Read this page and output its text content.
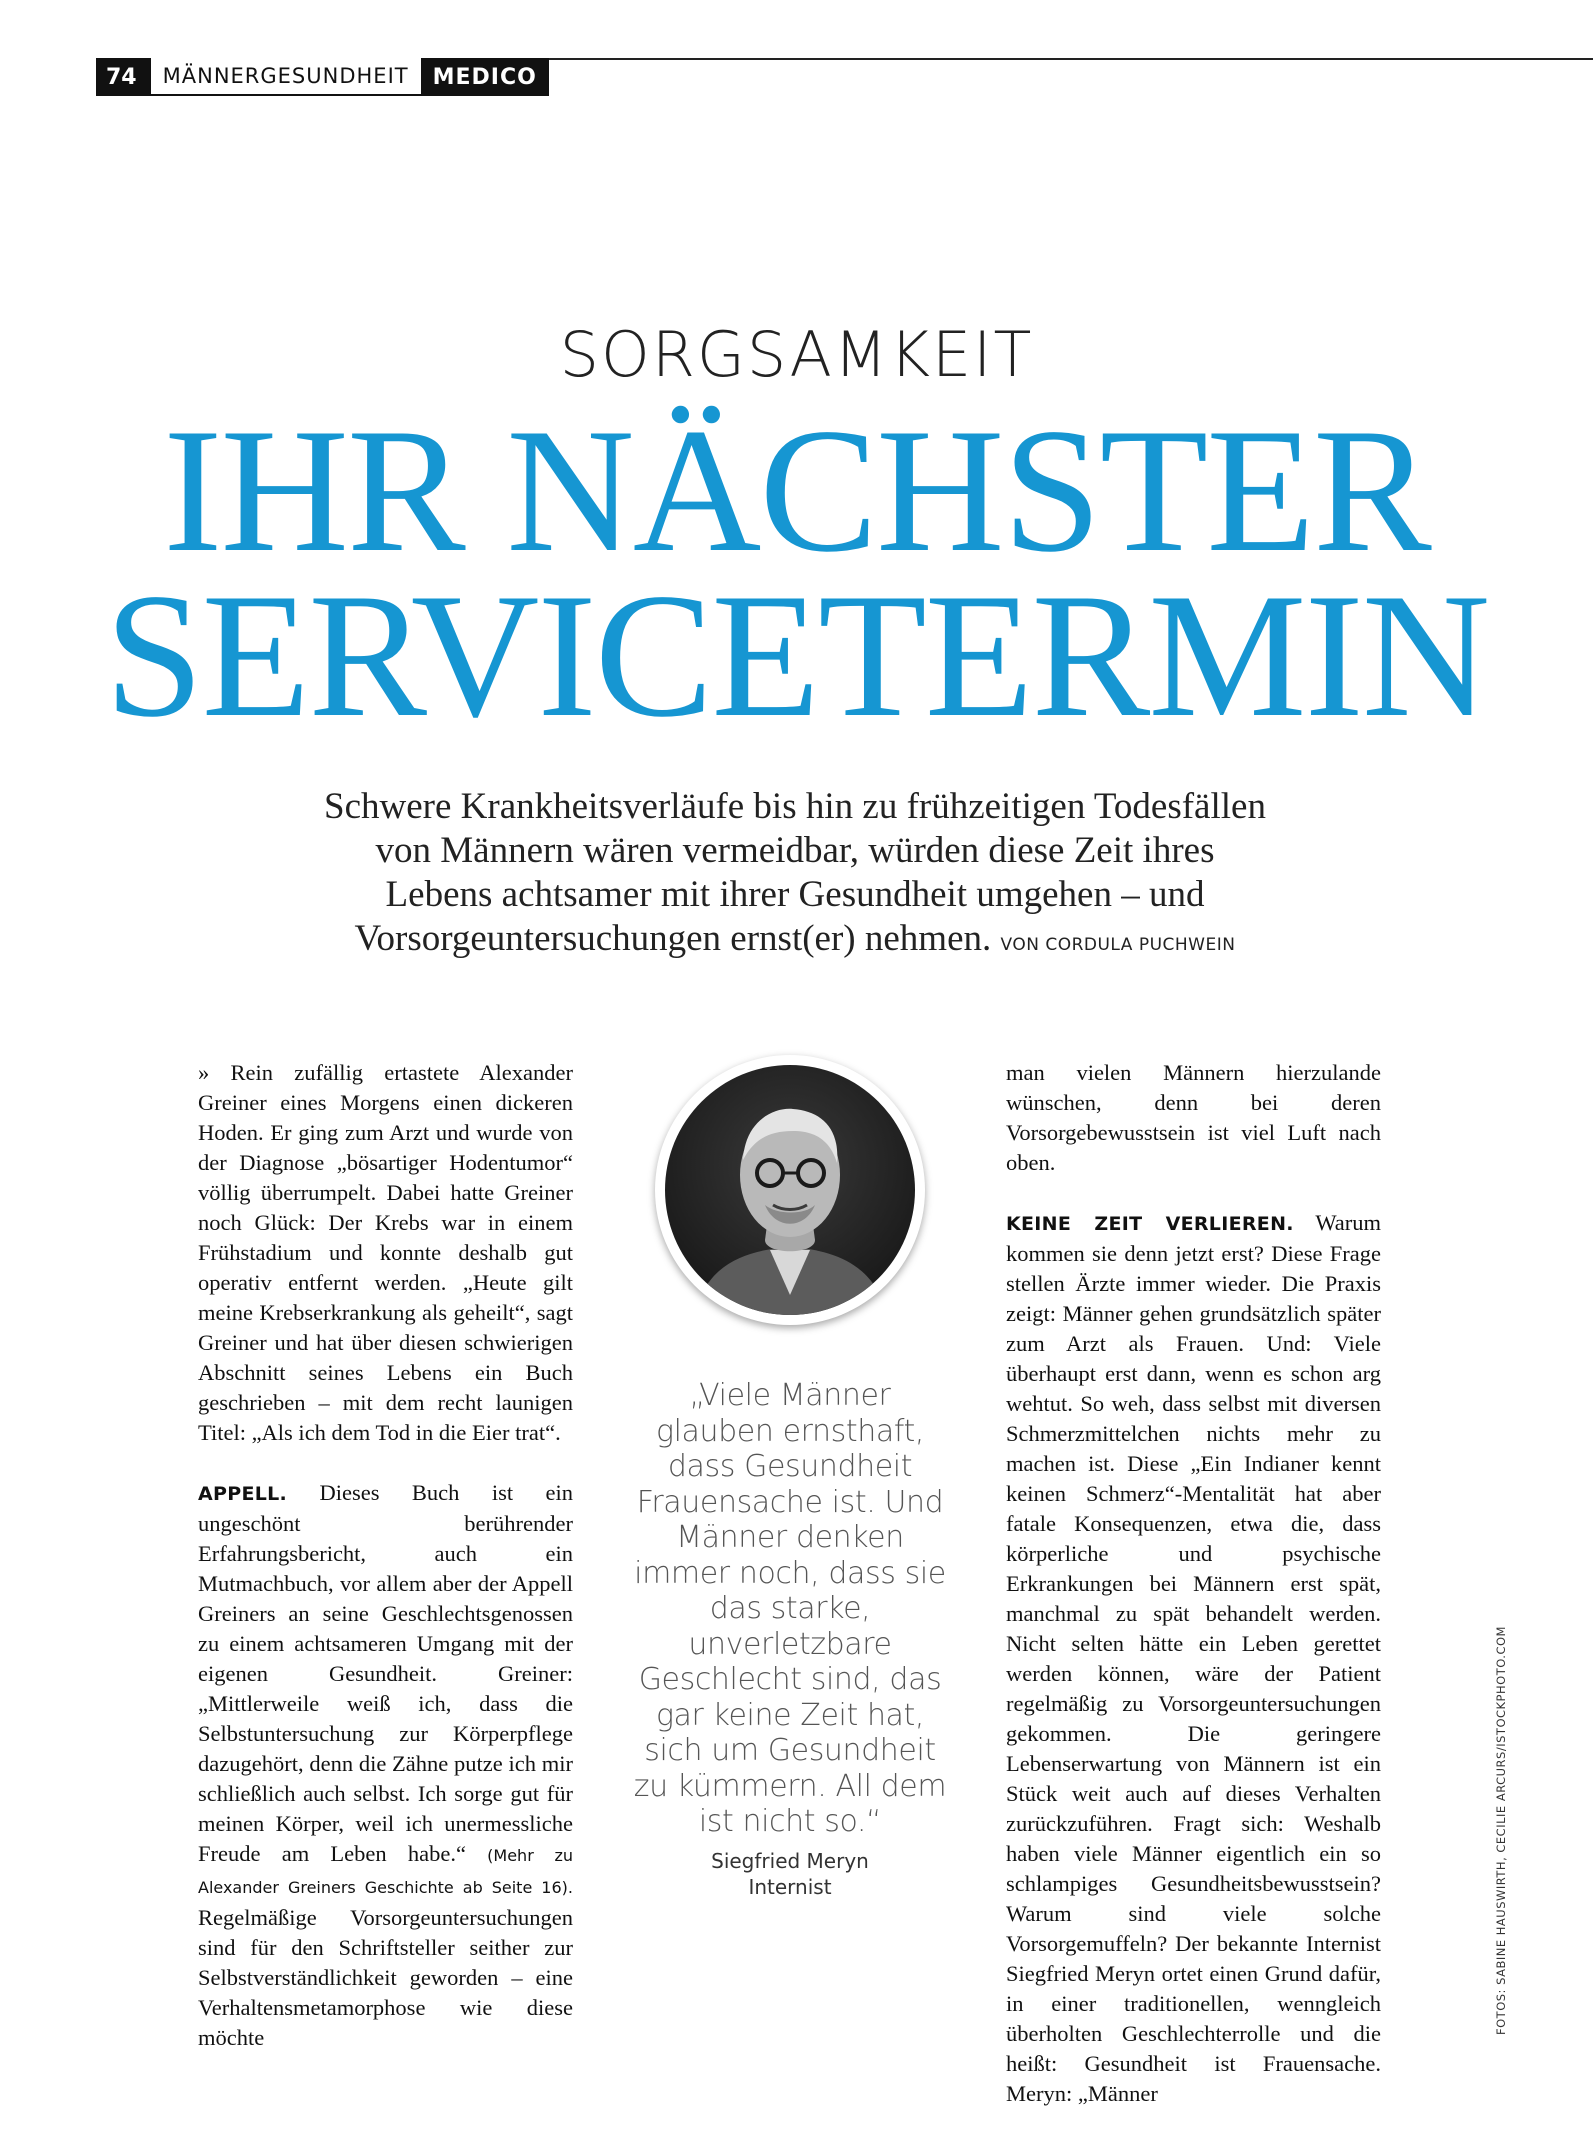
74	MÄNNERGESUNDHEIT	MEDICO
SORGSAMKEIT
IHR NÄCHSTER
SERVICETERMIN
Schwere Krankheitsverläufe bis hin zu frühzeitigen Todesfällen
von Männern wären vermeidbar, würden diese Zeit ihres
Lebens achtsamer mit ihrer Gesundheit umgehen – und
Vorsorgeuntersuchungen ernst(er) nehmen. VON CORDULA PUCHWEIN

» Rein zufällig ertastete Alexander Greiner eines Morgens einen dickeren Hoden. Er ging zum Arzt und wurde von der Diagnose „bösartiger Hodentumor“ völlig überrumpelt. Dabei hatte Greiner noch Glück: Der Krebs war in einem Frühstadium und konnte deshalb gut operativ entfernt werden. „Heute gilt meine Krebserkrankung als geheilt“, sagt Greiner und hat über diesen schwierigen Abschnitt seines Lebens ein Buch geschrieben – mit dem recht launigen Titel: „Als ich dem Tod in die Eier trat“.

APPELL. Dieses Buch ist ein ungeschönt berührender Erfahrungsbericht, auch ein Mutmachbuch, vor allem aber der Appell Greiners an seine Geschlechtsgenossen zu einem achtsameren Umgang mit der eigenen Gesundheit. Greiner: „Mittlerweile weiß ich, dass die Selbstuntersuchung zur Körperpflege dazugehört, denn die Zähne putze ich mir schließlich auch selbst. Ich sorge gut für meinen Körper, weil ich unermessliche Freude am Leben habe.“ (Mehr zu Alexander Greiners Geschichte ab Seite 16). Regelmäßige Vorsorgeuntersuchungen sind für den Schriftsteller seither zur Selbstverständlichkeit geworden – eine Verhaltensmetamorphose wie diese möchte

„Viele Männer glauben ernsthaft, dass Gesundheit Frauensache ist. Und Männer denken immer noch, dass sie das starke, unverletzbare Geschlecht sind, das gar keine Zeit hat, sich um Gesundheit zu kümmern. All dem ist nicht so.“
Siegfried Meryn
Internist

man vielen Männern hierzulande wünschen, denn bei deren Vorsorgebewusstsein ist viel Luft nach oben.

KEINE ZEIT VERLIEREN. Warum kommen sie denn jetzt erst? Diese Frage stellen Ärzte immer wieder. Die Praxis zeigt: Männer gehen grundsätzlich später zum Arzt als Frauen. Und: Viele überhaupt erst dann, wenn es schon arg wehtut. So weh, dass selbst mit diversen Schmerzmittelchen nichts mehr zu machen ist. Diese „Ein Indianer kennt keinen Schmerz“-Mentalität hat aber fatale Konsequenzen, etwa die, dass körperliche und psychische Erkrankungen bei Männern erst spät, manchmal zu spät behandelt werden. Nicht selten hätte ein Leben gerettet werden können, wäre der Patient regelmäßig zu Vorsorgeuntersuchungen gekommen. Die geringere Lebenserwartung von Männern ist ein Stück weit auch auf dieses Verhalten zurückzuführen. Fragt sich: Weshalb haben viele Männer eigentlich ein so schlampiges Gesundheitsbewusstsein? Warum sind viele solche Vorsorgemuffeln? Der bekannte Internist Siegfried Meryn ortet einen Grund dafür, in einer traditionellen, wenngleich überholten Geschlechterrolle und die heißt: Gesundheit ist Frauensache. Meryn: „Männer

FOTOS: SABINE HAUSWIRTH, CECILIE ARCURS/ISTOCKPHOTO.COM
